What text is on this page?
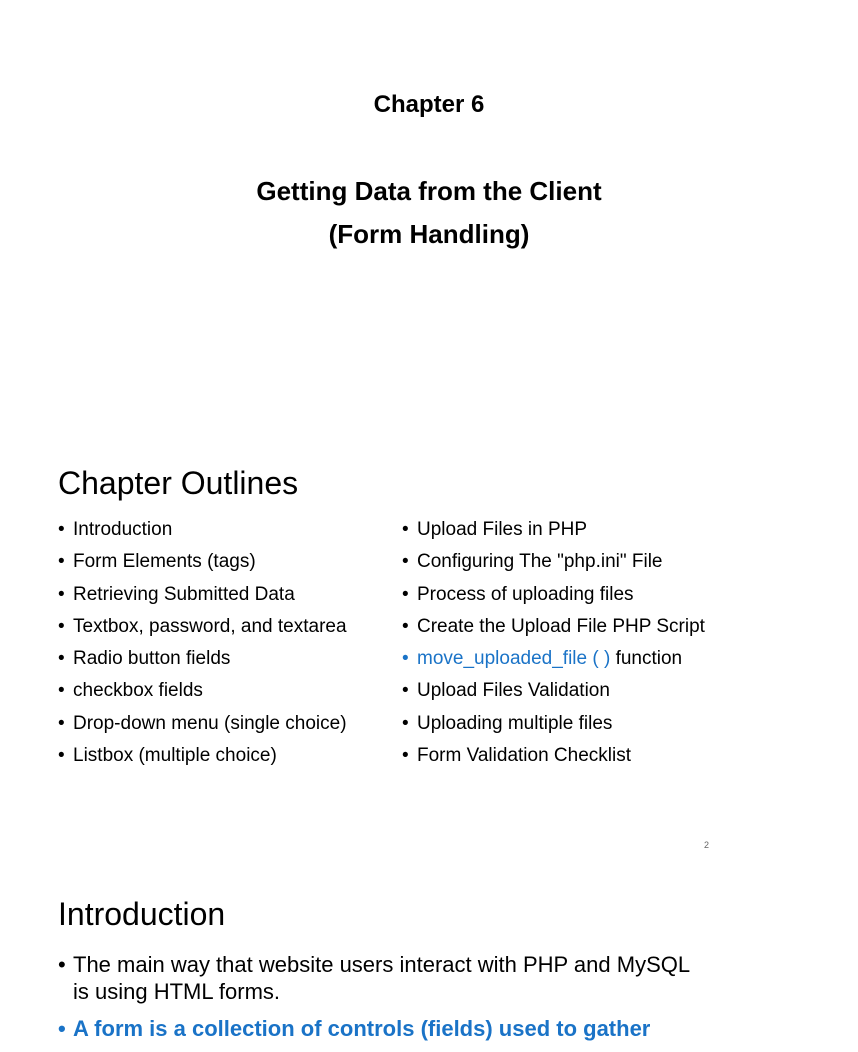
Chapter 6
Getting Data from the Client
(Form Handling)
Chapter Outlines
• Introduction
• Form Elements (tags)
• Retrieving Submitted Data
• Textbox, password, and textarea
• Radio button fields
• checkbox fields
• Drop-down menu (single choice)
• Listbox (multiple choice)
• Upload Files in PHP
• Configuring The "php.ini" File
• Process of uploading files
• Create the Upload File PHP Script
• move_uploaded_file ( ) function
• Upload Files Validation
• Uploading multiple files
• Form Validation Checklist
2
Introduction
• The main way that website users interact with PHP and MySQL is using HTML forms.
• A form is a collection of controls (fields) used to gather
